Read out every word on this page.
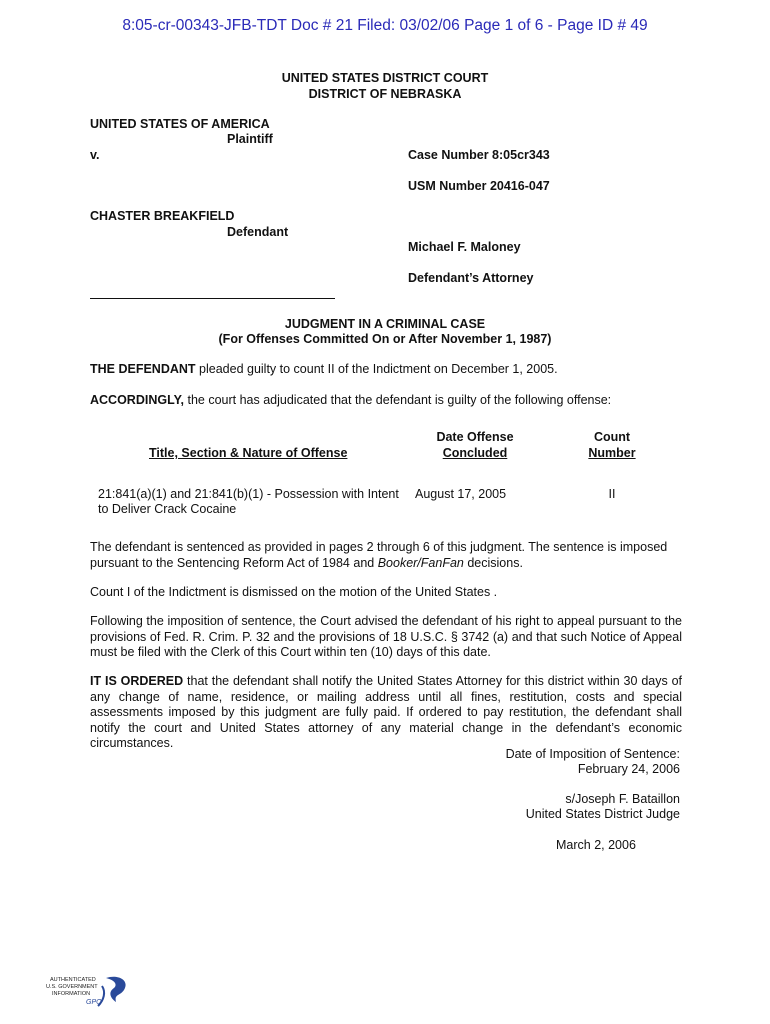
8:05-cr-00343-JFB-TDT Doc # 21 Filed: 03/02/06 Page 1 of 6 - Page ID # 49
UNITED STATES DISTRICT COURT
DISTRICT OF NEBRASKA
UNITED STATES OF AMERICA
Plaintiff
v.	Case Number 8:05cr343
USM Number 20416-047
CHASTER BREAKFIELD
Defendant
Michael F. Maloney
Defendant’s Attorney
JUDGMENT IN A CRIMINAL CASE
(For Offenses Committed On or After November 1, 1987)
THE DEFENDANT pleaded guilty to count II of the Indictment on December 1, 2005.
ACCORDINGLY, the court has adjudicated that the defendant is guilty of the following offense:
Date Offense
Concluded
Count
Number
Title, Section & Nature of Offense
21:841(a)(1) and 21:841(b)(1) - Possession with Intent
to Deliver Crack Cocaine
August 17, 2005	II
The defendant is sentenced as provided in pages 2 through 6 of this judgment. The sentence is imposed
pursuant to the Sentencing Reform Act of 1984 and Booker/FanFan decisions.
Count I of the Indictment is dismissed on the motion of the United States .
Following the imposition of sentence, the Court advised the defendant of his right to appeal pursuant to the provisions of Fed. R. Crim. P. 32 and the provisions of 18 U.S.C. § 3742 (a) and that such Notice of Appeal must be filed with the Clerk of this Court within ten (10) days of this date.
IT IS ORDERED that the defendant shall notify the United States Attorney for this district within 30 days of any change of name, residence, or mailing address until all fines, restitution, costs and special assessments imposed by this judgment are fully paid. If ordered to pay restitution, the defendant shall notify the court and United States attorney of any material change in the defendant’s economic circumstances.
Date of Imposition of Sentence:
February 24, 2006
s/Joseph F. Bataillon
United States District Judge
March 2, 2006
AUTHENTICATED
U.S. GOVERNMENT
INFORMATION
GPO
